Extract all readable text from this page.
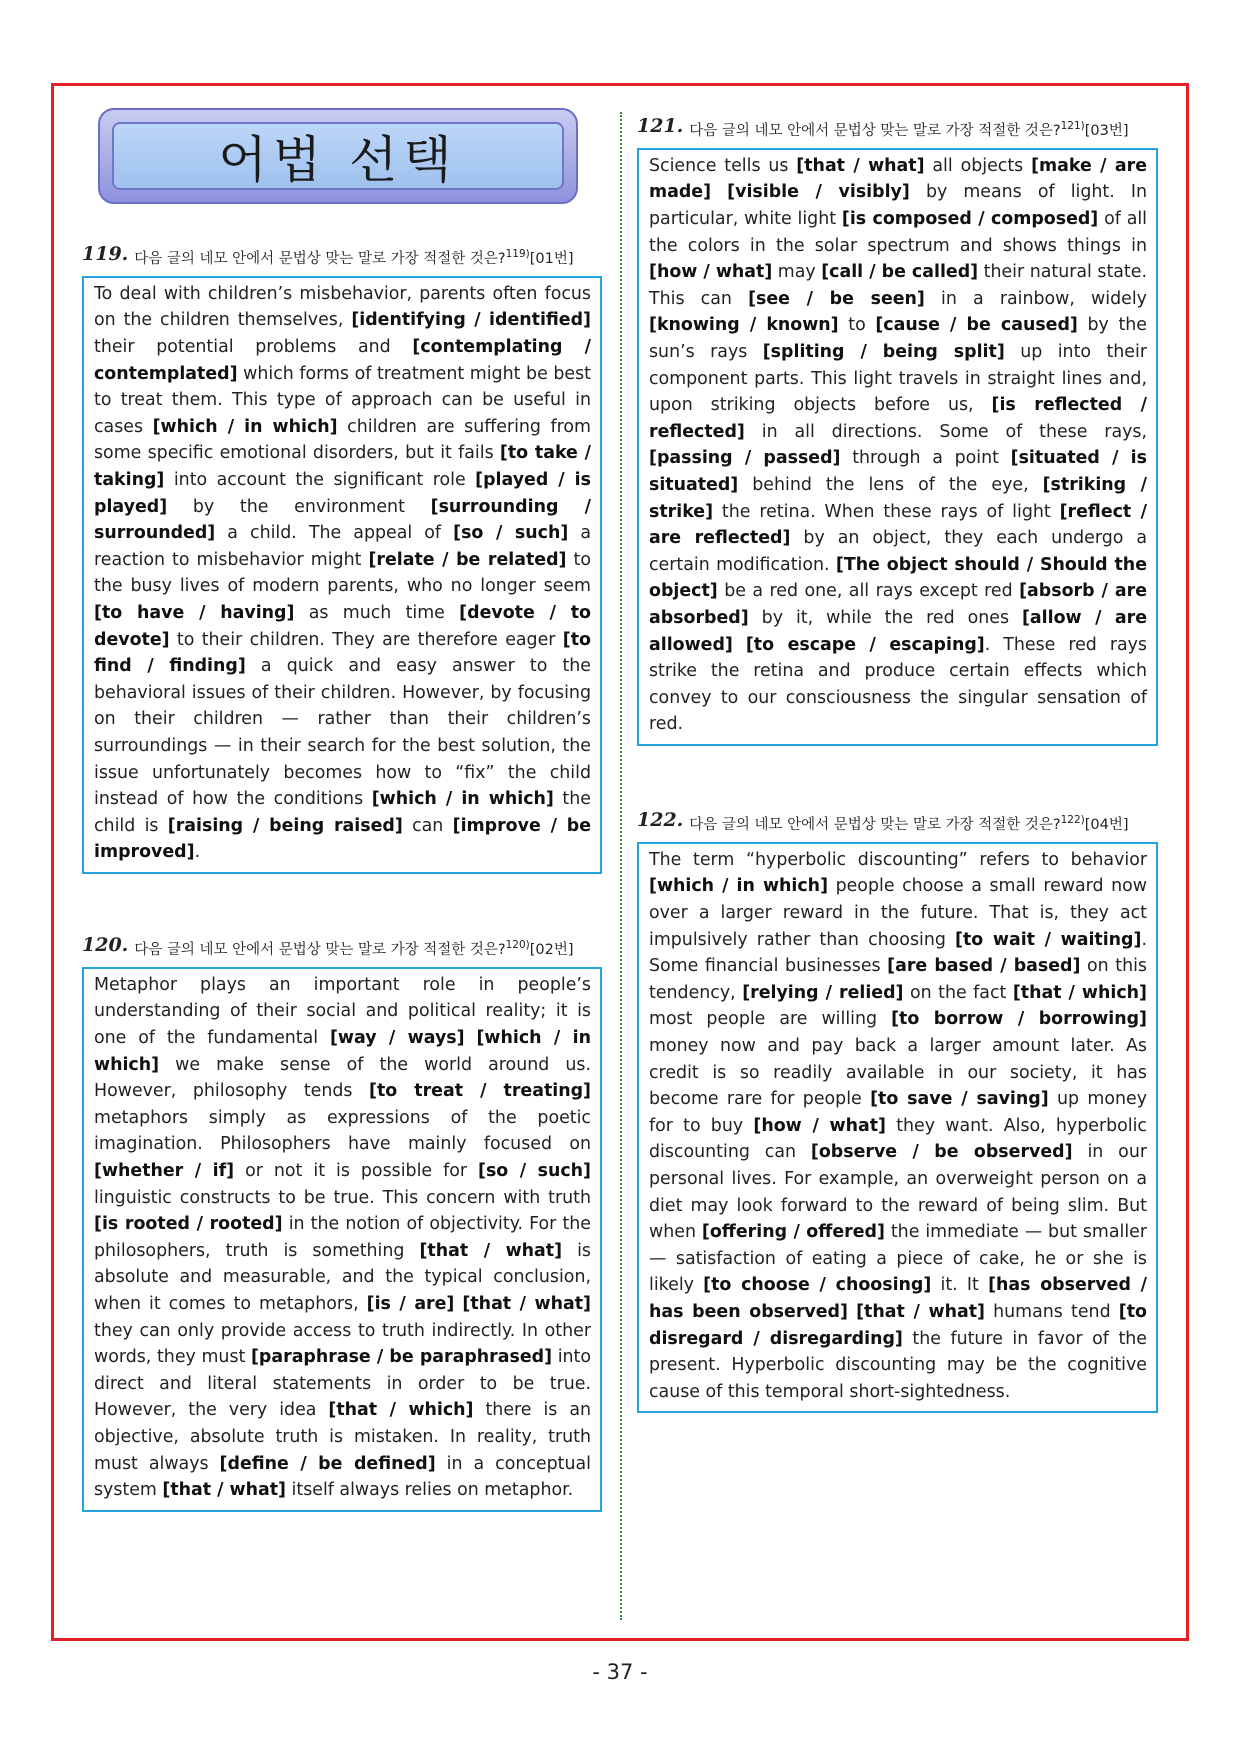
어법 선택
119. 다음 글의 네모 안에서 문법상 맞는 말로 가장 적절한 것은?$^{119)}$[01번]
To deal with children’s misbehavior, parents often focus on the children themselves, [identifying / identified] their potential problems and [contemplating / contemplated] which forms of treatment might be best to treat them. This type of approach can be useful in cases [which / in which] children are suffering from some specific emotional disorders, but it fails [to take / taking] into account the significant role [played / is played] by the environment [surrounding / surrounded] a child. The appeal of [so / such] a reaction to misbehavior might [relate / be related] to the busy lives of modern parents, who no longer seem [to have / having] as much time [devote / to devote] to their children. They are therefore eager [to find / finding] a quick and easy answer to the behavioral issues of their children. However, by focusing on their children — rather than their children’s surroundings — in their search for the best solution, the issue unfortunately becomes how to “fix” the child instead of how the conditions [which / in which] the child is [raising / being raised] can [improve / be improved].
120. 다음 글의 네모 안에서 문법상 맞는 말로 가장 적절한 것은?$^{120)}$[02번]
Metaphor plays an important role in people’s understanding of their social and political reality; it is one of the fundamental [way / ways] [which / in which] we make sense of the world around us. However, philosophy tends [to treat / treating] metaphors simply as expressions of the poetic imagination. Philosophers have mainly focused on [whether / if] or not it is possible for [so / such] linguistic constructs to be true. This concern with truth [is rooted / rooted] in the notion of objectivity. For the philosophers, truth is something [that / what] is absolute and measurable, and the typical conclusion, when it comes to metaphors, [is / are] [that / what] they can only provide access to truth indirectly. In other words, they must [paraphrase / be paraphrased] into direct and literal statements in order to be true. However, the very idea [that / which] there is an objective, absolute truth is mistaken. In reality, truth must always [define / be defined] in a conceptual system [that / what] itself always relies on metaphor.
121. 다음 글의 네모 안에서 문법상 맞는 말로 가장 적절한 것은?$^{121)}$[03번]
Science tells us [that / what] all objects [make / are made] [visible / visibly] by means of light. In particular, white light [is composed / composed] of all the colors in the solar spectrum and shows things in [how / what] may [call / be called] their natural state. This can [see / be seen] in a rainbow, widely [knowing / known] to [cause / be caused] by the sun’s rays [spliting / being split] up into their component parts. This light travels in straight lines and, upon striking objects before us, [is reflected / reflected] in all directions. Some of these rays, [passing / passed] through a point [situated / is situated] behind the lens of the eye, [striking / strike] the retina. When these rays of light [reflect / are reflected] by an object, they each undergo a certain modification. [The object should / Should the object] be a red one, all rays except red [absorb / are absorbed] by it, while the red ones [allow / are allowed] [to escape / escaping]. These red rays strike the retina and produce certain effects which convey to our consciousness the singular sensation of red.
122. 다음 글의 네모 안에서 문법상 맞는 말로 가장 적절한 것은?$^{122)}$[04번]
The term “hyperbolic discounting” refers to behavior [which / in which] people choose a small reward now over a larger reward in the future. That is, they act impulsively rather than choosing [to wait / waiting]. Some financial businesses [are based / based] on this tendency, [relying / relied] on the fact [that / which] most people are willing [to borrow / borrowing] money now and pay back a larger amount later. As credit is so readily available in our society, it has become rare for people [to save / saving] up money for to buy [how / what] they want. Also, hyperbolic discounting can [observe / be observed] in our personal lives. For example, an overweight person on a diet may look forward to the reward of being slim. But when [offering / offered] the immediate — but smaller — satisfaction of eating a piece of cake, he or she is likely [to choose / choosing] it. It [has observed / has been observed] [that / what] humans tend [to disregard / disregarding] the future in favor of the present. Hyperbolic discounting may be the cognitive cause of this temporal short-sightedness.
- 37 -
